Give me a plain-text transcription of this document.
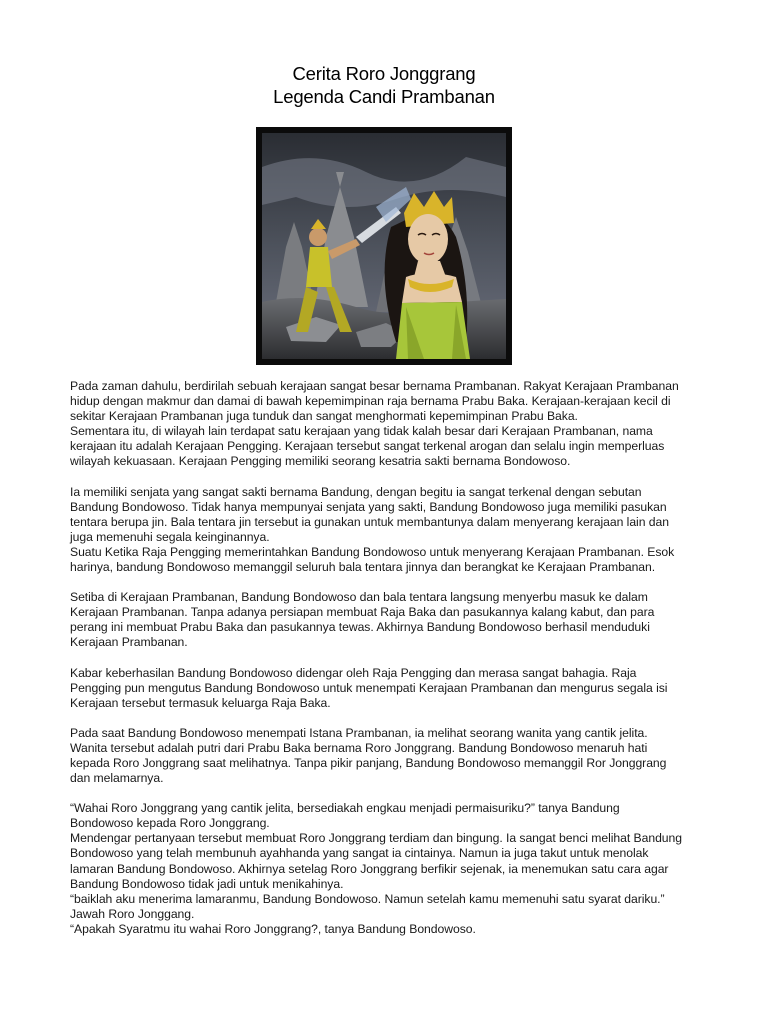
Cerita Roro Jonggrang
Legenda Candi Prambanan
Pada zaman dahulu, berdirilah sebuah kerajaan sangat besar bernama Prambanan. Rakyat Kerajaan Prambanan
hidup dengan makmur dan damai di bawah kepemimpinan raja bernama Prabu Baka. Kerajaan-kerajaan kecil di
sekitar Kerajaan Prambanan juga tunduk dan sangat menghormati kepemimpinan Prabu Baka.
Sementara itu, di wilayah lain terdapat satu kerajaan yang tidak kalah besar dari Kerajaan Prambanan, nama
kerajaan itu adalah Kerajaan Pengging. Kerajaan tersebut sangat terkenal arogan dan selalu ingin memperluas
wilayah kekuasaan. Kerajaan Pengging memiliki seorang kesatria sakti bernama Bondowoso.
Ia memiliki senjata yang sangat sakti bernama Bandung, dengan begitu ia sangat terkenal dengan sebutan
Bandung Bondowoso. Tidak hanya mempunyai senjata yang sakti, Bandung Bondowoso juga memiliki pasukan
tentara berupa jin. Bala tentara jin tersebut ia gunakan untuk membantunya dalam menyerang kerajaan lain dan
juga memenuhi segala keinginannya.
Suatu Ketika Raja Pengging memerintahkan Bandung Bondowoso untuk menyerang Kerajaan Prambanan. Esok
harinya, bandung Bondowoso memanggil seluruh bala tentara jinnya dan berangkat ke Kerajaan Prambanan.
Setiba di Kerajaan Prambanan, Bandung Bondowoso dan bala tentara langsung menyerbu masuk ke dalam
Kerajaan Prambanan. Tanpa adanya persiapan membuat Raja Baka dan pasukannya kalang kabut, dan para
perang ini membuat Prabu Baka dan pasukannya tewas. Akhirnya Bandung Bondowoso berhasil menduduki
Kerajaan Prambanan.
Kabar keberhasilan Bandung Bondowoso didengar oleh Raja Pengging dan merasa sangat bahagia. Raja
Pengging pun mengutus Bandung Bondowoso untuk menempati Kerajaan Prambanan dan mengurus segala isi
Kerajaan tersebut termasuk keluarga Raja Baka.
Pada saat Bandung Bondowoso menempati Istana Prambanan, ia melihat seorang wanita yang cantik jelita.
Wanita tersebut adalah putri dari Prabu Baka bernama Roro Jonggrang. Bandung Bondowoso menaruh hati
kepada Roro Jonggrang saat melihatnya. Tanpa pikir panjang, Bandung Bondowoso memanggil Ror Jonggrang
dan melamarnya.
“Wahai Roro Jonggrang yang cantik jelita, bersediakah engkau menjadi permaisuriku?” tanya Bandung
Bondowoso kepada Roro Jonggrang.
Mendengar pertanyaan tersebut membuat Roro Jonggrang terdiam dan bingung. Ia sangat benci melihat Bandung
Bondowoso yang telah membunuh ayahhanda yang sangat ia cintainya. Namun ia juga takut untuk menolak
lamaran Bandung Bondowoso. Akhirnya setelag Roro Jonggrang berfikir sejenak, ia menemukan satu cara agar
Bandung Bondowoso tidak jadi untuk menikahinya.
“baiklah aku menerima lamaranmu, Bandung Bondowoso. Namun setelah kamu memenuhi satu syarat dariku.”
Jawah Roro Jonggang.
“Apakah Syaratmu itu wahai Roro Jonggrang?, tanya Bandung Bondowoso.
